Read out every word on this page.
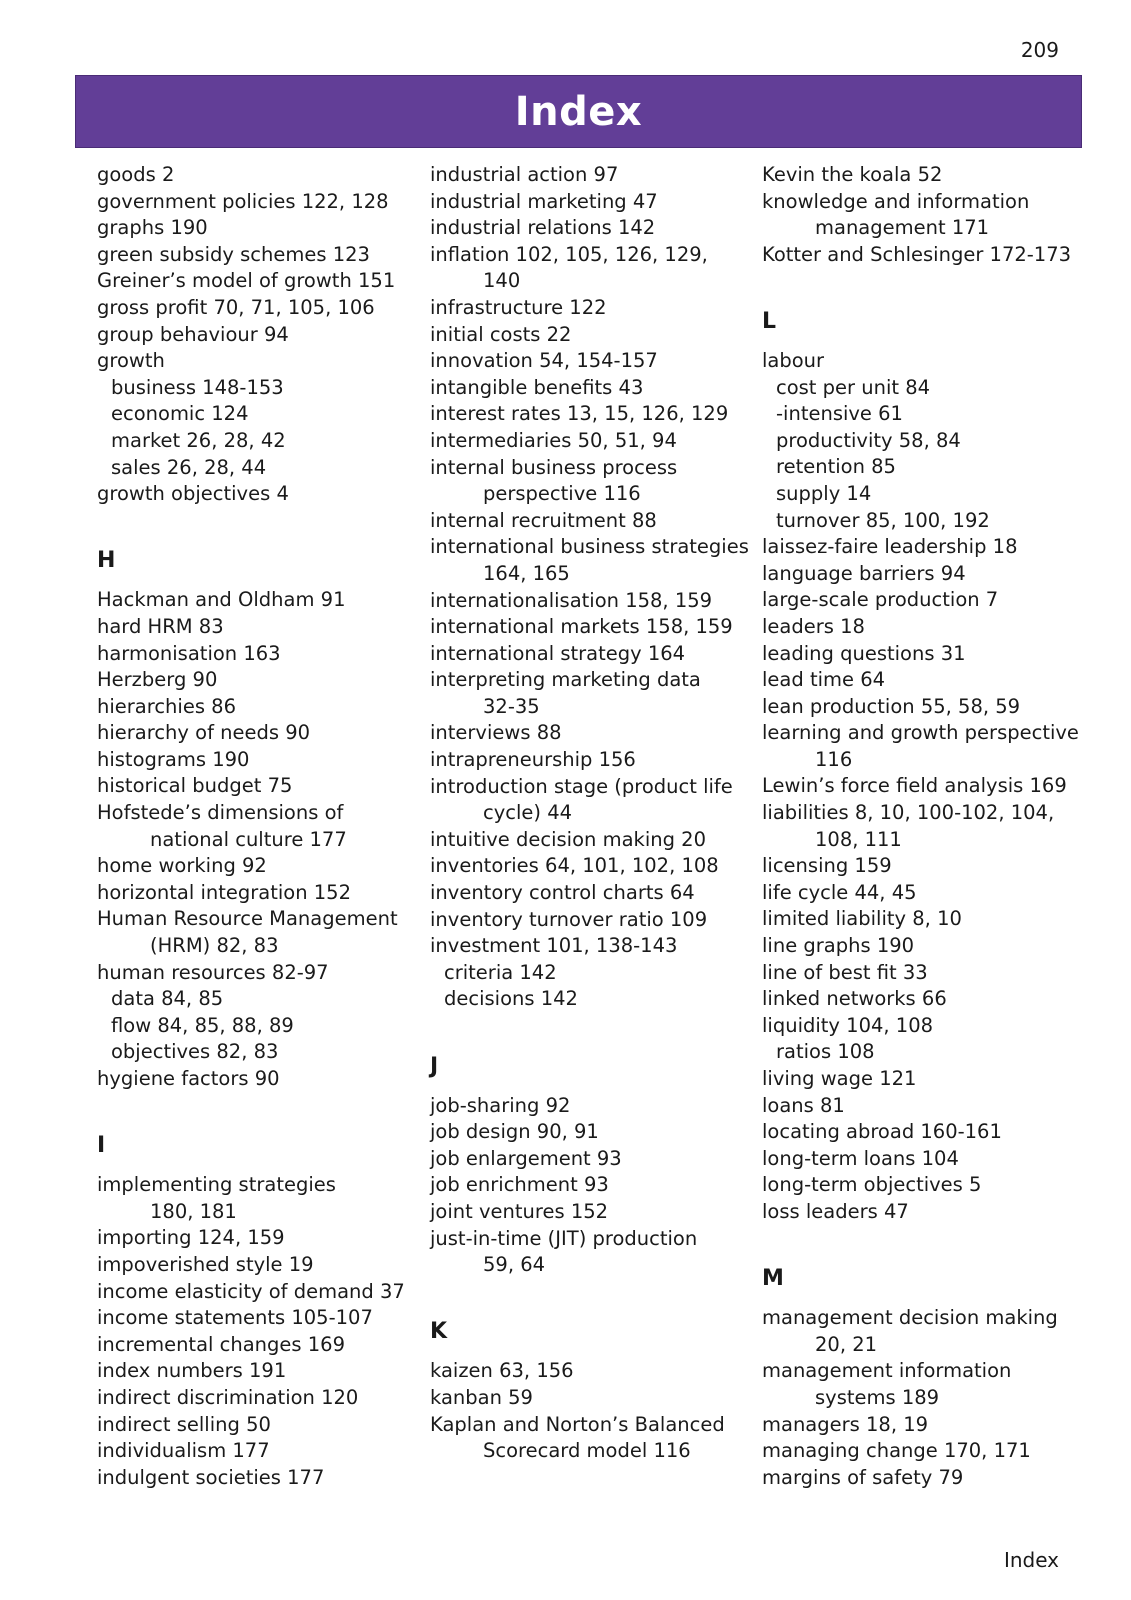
209
Index
goods 2
government policies 122, 128
graphs 190
green subsidy schemes 123
Greiner’s model of growth 151
gross profit 70, 71, 105, 106
group behaviour 94
growth
business 148-153
economic 124
market 26, 28, 42
sales 26, 28, 44
growth objectives 4
H
Hackman and Oldham 91
hard HRM 83
harmonisation 163
Herzberg 90
hierarchies 86
hierarchy of needs 90
histograms 190
historical budget 75
Hofstede’s dimensions of
national culture 177
home working 92
horizontal integration 152
Human Resource Management
(HRM) 82, 83
human resources 82-97
data 84, 85
flow 84, 85, 88, 89
objectives 82, 83
hygiene factors 90
I
implementing strategies
180, 181
importing 124, 159
impoverished style 19
income elasticity of demand 37
income statements 105-107
incremental changes 169
index numbers 191
indirect discrimination 120
indirect selling 50
individualism 177
indulgent societies 177
industrial action 97
industrial marketing 47
industrial relations 142
inflation 102, 105, 126, 129,
140
infrastructure 122
initial costs 22
innovation 54, 154-157
intangible benefits 43
interest rates 13, 15, 126, 129
intermediaries 50, 51, 94
internal business process
perspective 116
internal recruitment 88
international business strategies
164, 165
internationalisation 158, 159
international markets 158, 159
international strategy 164
interpreting marketing data
32-35
interviews 88
intrapreneurship 156
introduction stage (product life
cycle) 44
intuitive decision making 20
inventories 64, 101, 102, 108
inventory control charts 64
inventory turnover ratio 109
investment 101, 138-143
criteria 142
decisions 142
J
job-sharing 92
job design 90, 91
job enlargement 93
job enrichment 93
joint ventures 152
just-in-time (JIT) production
59, 64
K
kaizen 63, 156
kanban 59
Kaplan and Norton’s Balanced
Scorecard model 116
Kevin the koala 52
knowledge and information
management 171
Kotter and Schlesinger 172-173
L
labour
cost per unit 84
-intensive 61
productivity 58, 84
retention 85
supply 14
turnover 85, 100, 192
laissez-faire leadership 18
language barriers 94
large-scale production 7
leaders 18
leading questions 31
lead time 64
lean production 55, 58, 59
learning and growth perspective
116
Lewin’s force field analysis 169
liabilities 8, 10, 100-102, 104,
108, 111
licensing 159
life cycle 44, 45
limited liability 8, 10
line graphs 190
line of best fit 33
linked networks 66
liquidity 104, 108
ratios 108
living wage 121
loans 81
locating abroad 160-161
long-term loans 104
long-term objectives 5
loss leaders 47
M
management decision making
20, 21
management information
systems 189
managers 18, 19
managing change 170, 171
margins of safety 79
Index
